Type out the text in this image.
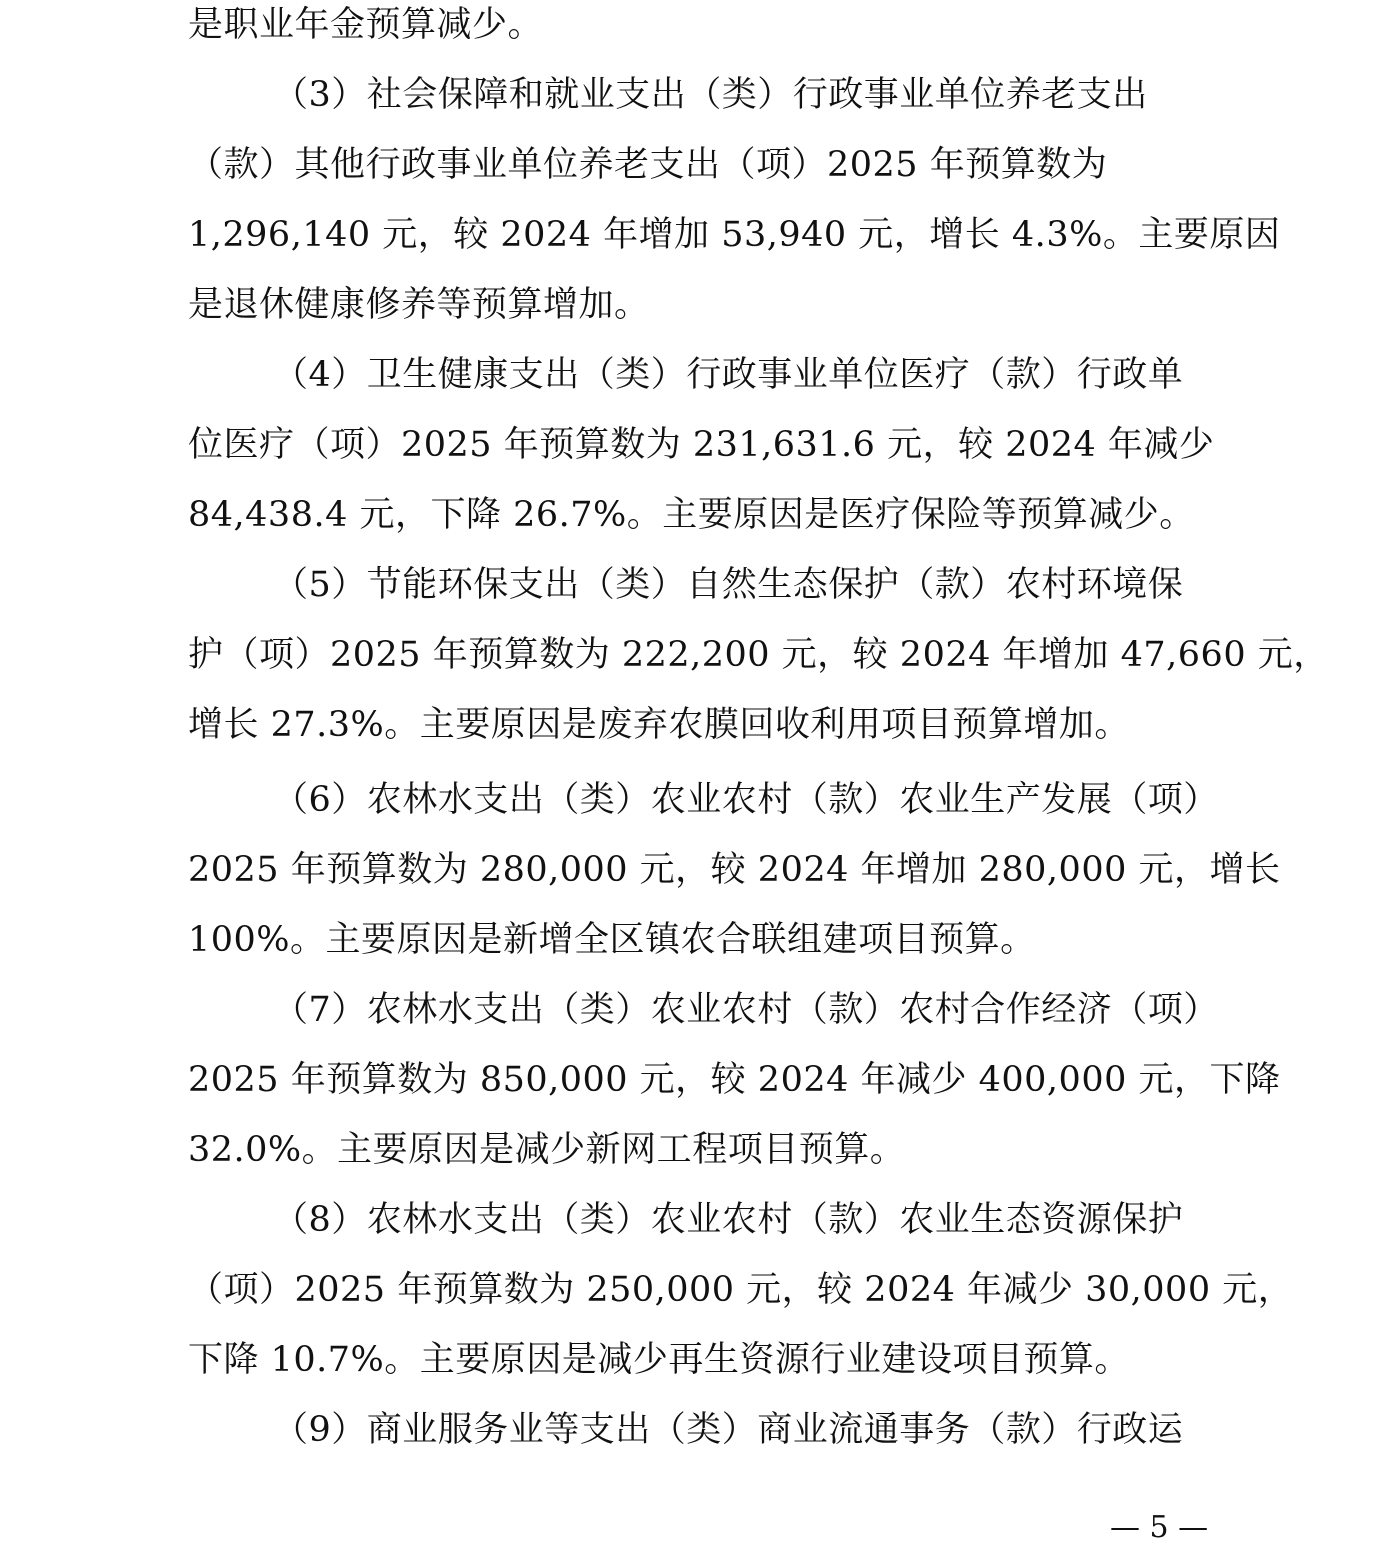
是职业年金预算减少。
（3）社会保障和就业支出（类）行政事业单位养老支出
（款）其他行政事业单位养老支出（项）2025 年预算数为
1,296,140 元，较 2024 年增加 53,940 元，增长 4.3%。主要原因
是退休健康修养等预算增加。
（4）卫生健康支出（类）行政事业单位医疗（款）行政单
位医疗（项）2025 年预算数为 231,631.6 元，较 2024 年减少
84,438.4 元，下降 26.7%。主要原因是医疗保险等预算减少。
（5）节能环保支出（类）自然生态保护（款）农村环境保
护（项）2025 年预算数为 222,200 元，较 2024 年增加 47,660 元，
增长 27.3%。主要原因是废弃农膜回收利用项目预算增加。
（6）农林水支出（类）农业农村（款）农业生产发展（项）
2025 年预算数为 280,000 元，较 2024 年增加 280,000 元，增长
100%。主要原因是新增全区镇农合联组建项目预算。
（7）农林水支出（类）农业农村（款）农村合作经济（项）
2025 年预算数为 850,000 元，较 2024 年减少 400,000 元，下降
32.0%。主要原因是减少新网工程项目预算。
（8）农林水支出（类）农业农村（款）农业生态资源保护
（项）2025 年预算数为 250,000 元，较 2024 年减少 30,000 元，
下降 10.7%。主要原因是减少再生资源行业建设项目预算。
（9）商业服务业等支出（类）商业流通事务（款）行政运
— 5 —
